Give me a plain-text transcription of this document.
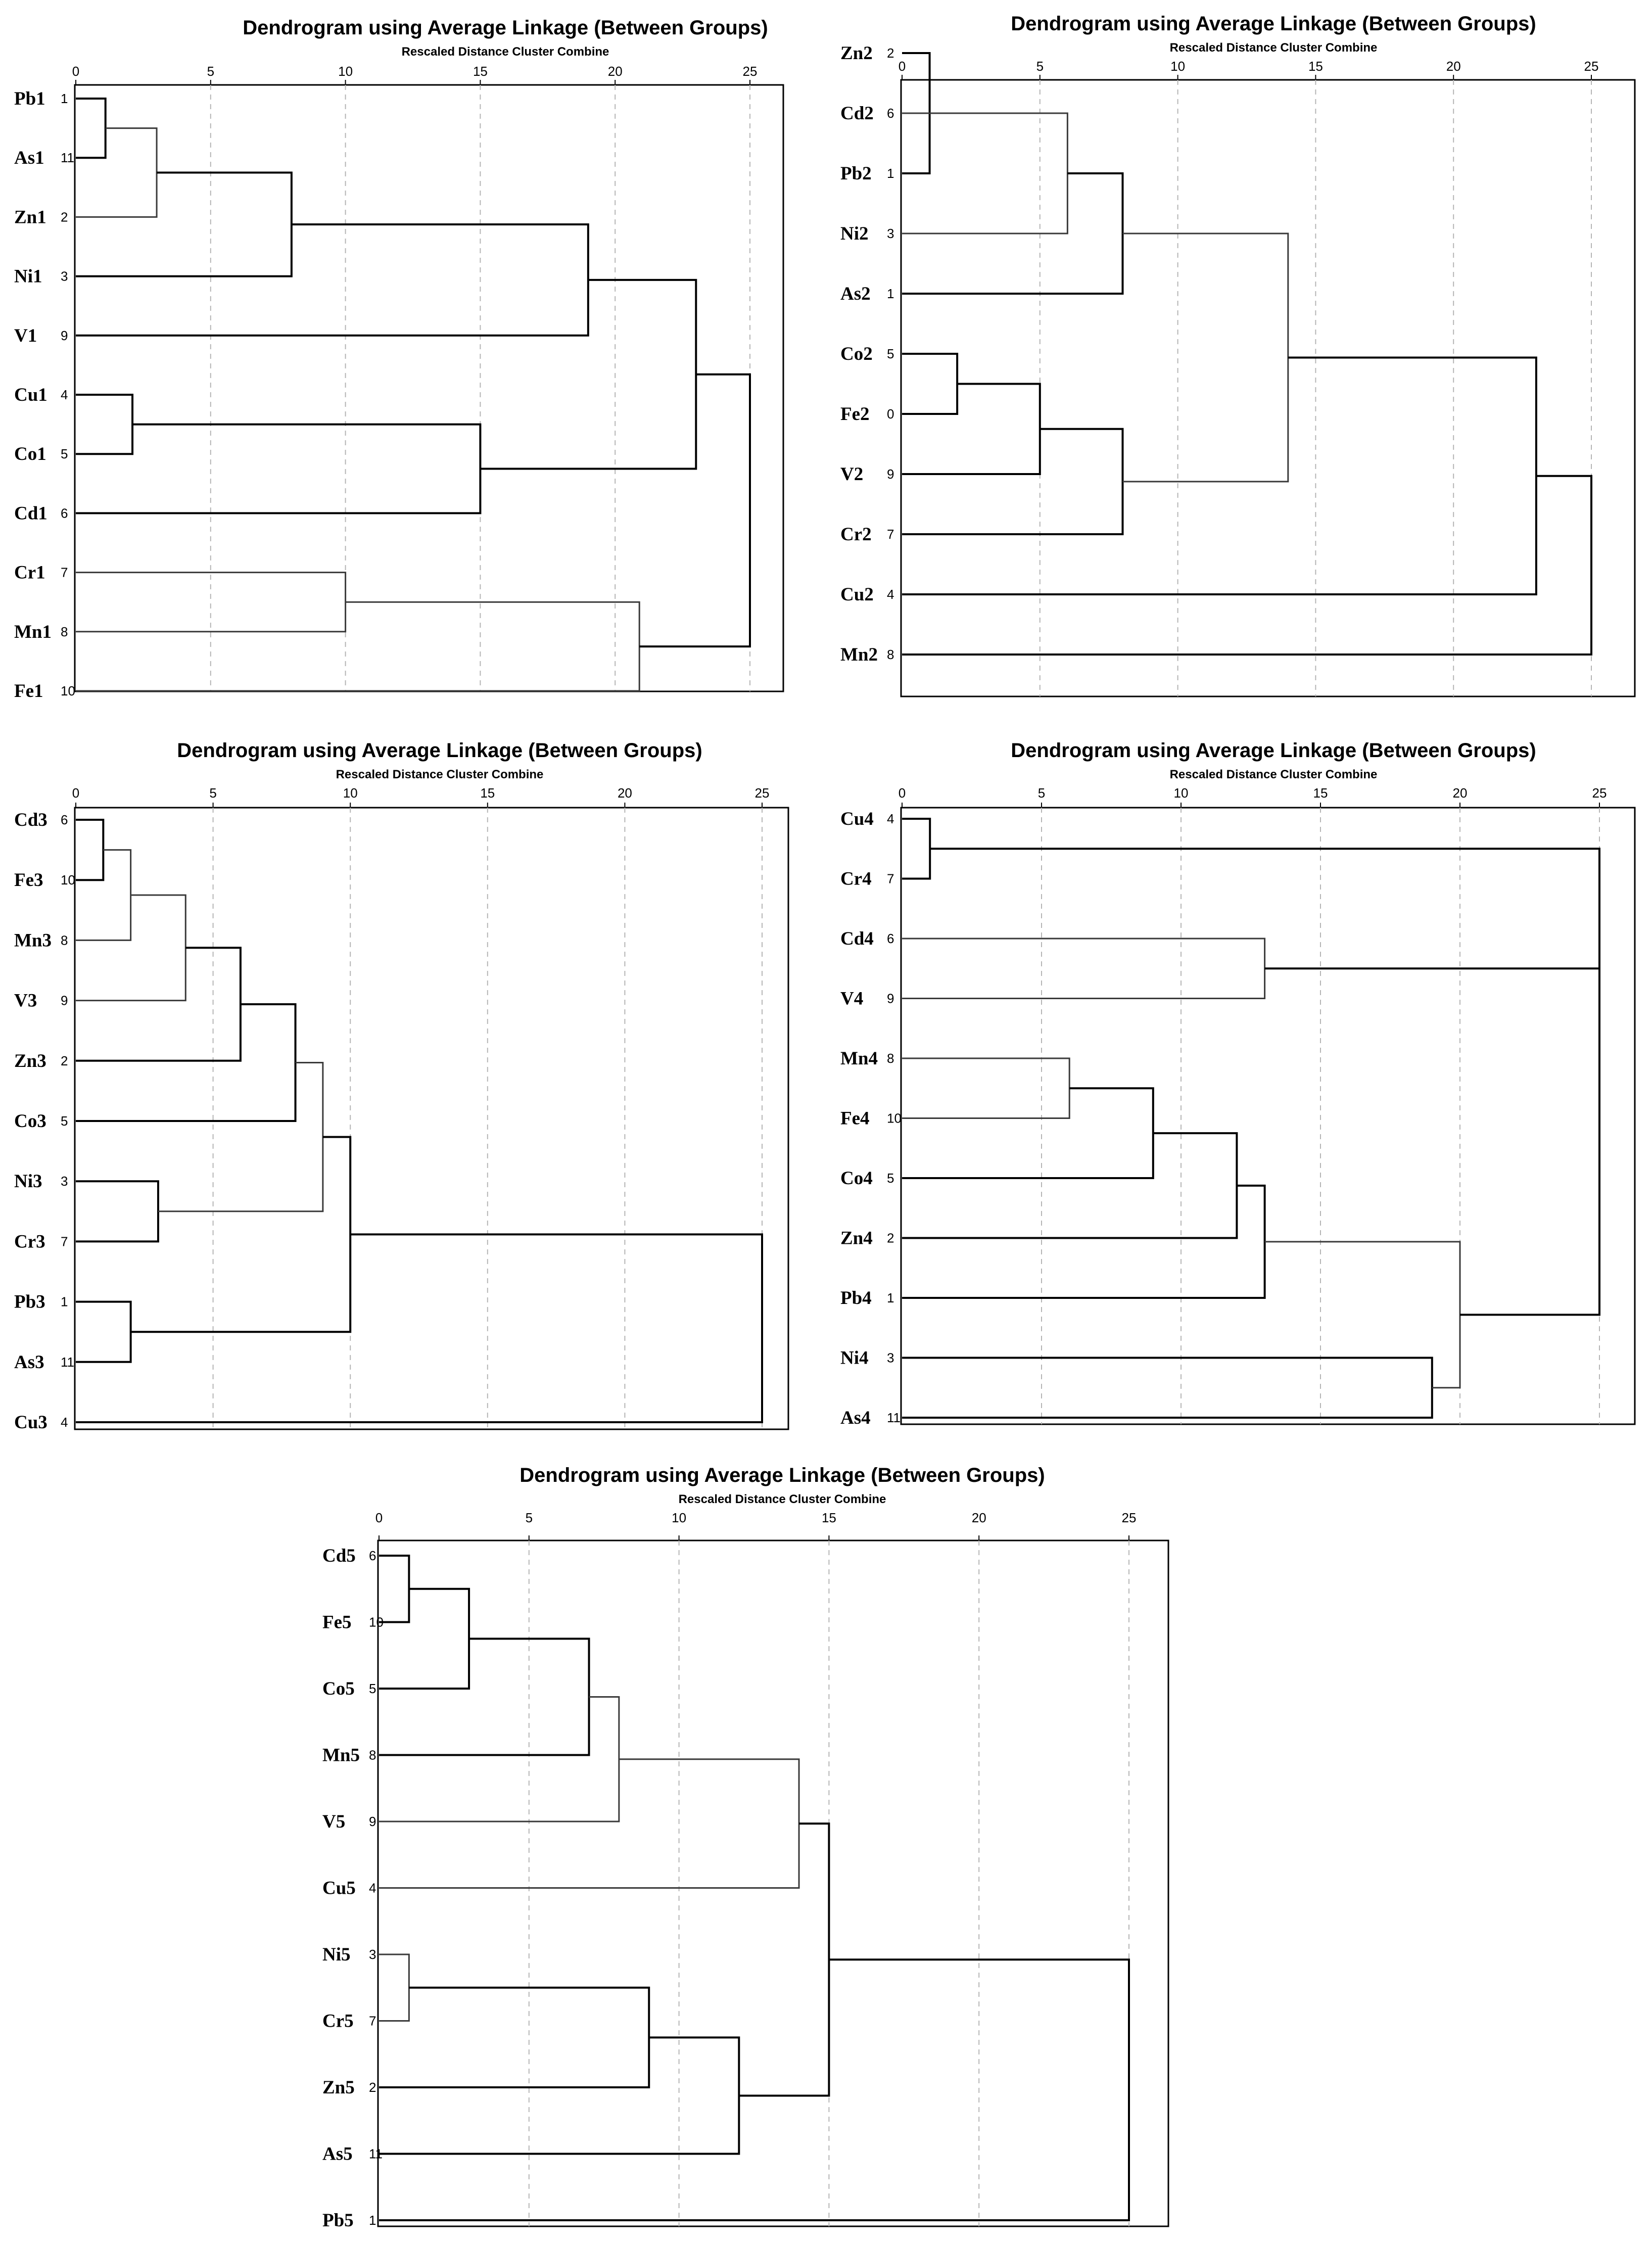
Dendrogram using Average Linkage (Between Groups)
Rescaled Distance Cluster Combine
0	5	10	15	20	25
Pb1 1
As1 11
Zn1 2
Ni1 3
V1 9
Cu1 4
Co1 5
Cd1 6
Cr1 7
Mn1 8
Fe1 10
Dendrogram using Average Linkage (Between Groups)
Rescaled Distance Cluster Combine
0	5	10	15	20	25
Zn2 2
Cd2 6
Pb2 1
Ni2 3
As2 1
Co2 5
Fe2 0
V2 9
Cr2 7
Cu2 4
Mn2 8
Dendrogram using Average Linkage (Between Groups)
Rescaled Distance Cluster Combine
0	5	10	15	20	25
Cd3 6
Fe3 10
Mn3 8
V3 9
Zn3 2
Co3 5
Ni3 3
Cr3 7
Pb3 1
As3 11
Cu3 4
Dendrogram using Average Linkage (Between Groups)
Rescaled Distance Cluster Combine
0	5	10	15	20	25
Cu4 4
Cr4 7
Cd4 6
V4 9
Mn4 8
Fe4 10
Co4 5
Zn4 2
Pb4 1
Ni4 3
As4 11
Dendrogram using Average Linkage (Between Groups)
Rescaled Distance Cluster Combine
0	5	10	15	20	25
Cd5 6
Fe5 10
Co5 5
Mn5 8
V5 9
Cu5 4
Ni5 3
Cr5 7
Zn5 2
As5 11
Pb5 1
